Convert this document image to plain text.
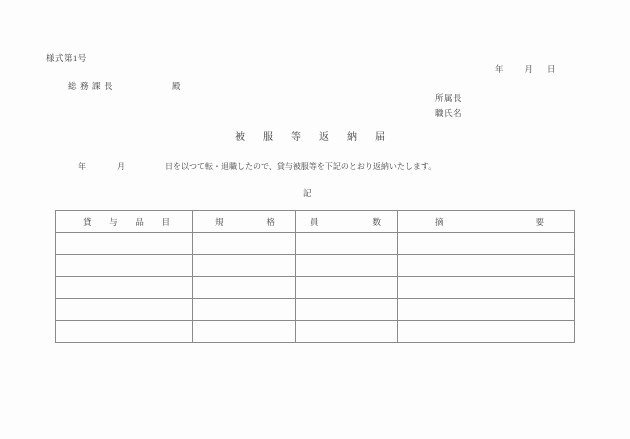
様式第1号
年 月 日
総務課長	殿
所属長
職氏名
被服等返納届
年	月	日を以つて転・退職したので、貸与被服等を下記のとおり返納いたします。
記
貸与品目	規格	員数	摘要
